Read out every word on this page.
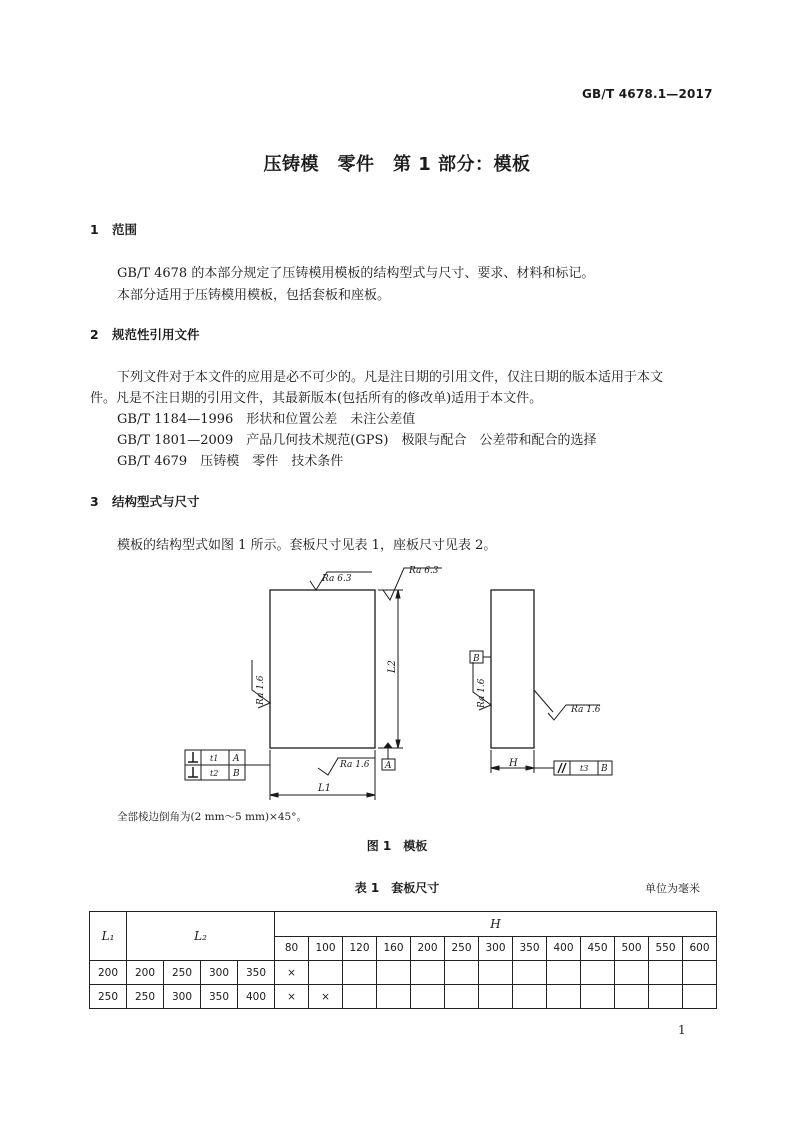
GB/T 4678.1—2017
压铸模　零件　第 1 部分：模板
1 范围
GB/T 4678 的本部分规定了压铸模用模板的结构型式与尺寸、要求、材料和标记。
本部分适用于压铸模用模板，包括套板和座板。
2 规范性引用文件
下列文件对于本文件的应用是必不可少的。凡是注日期的引用文件，仅注日期的版本适用于本文
件。凡是不注日期的引用文件，其最新版本(包括所有的修改单)适用于本文件。
GB/T 1184—1996　形状和位置公差　未注公差值
GB/T 1801—2009　产品几何技术规范(GPS)　极限与配合　公差带和配合的选择
GB/T 4679　压铸模　零件　技术条件
3 结构型式与尺寸
模板的结构型式如图 1 所示。套板尺寸见表 1，座板尺寸见表 2。
Ra 6.3
Ra 6.3
Ra 1.6
Ra 1.6
Ra 1.6	Ra 1.6
L2
L1
H
A
B
t1 A
t2 B
t3 B
全部棱边倒角为(2 mm～5 mm)×45°。
图 1　模板
表 1　套板尺寸	单位为毫米
L₁	L₂				H												
					80	100	120	160	200	250	300	350	400	450	500	550	600
200	200	250	300	350	×												
250	250	300	350	400	×	×											
1
